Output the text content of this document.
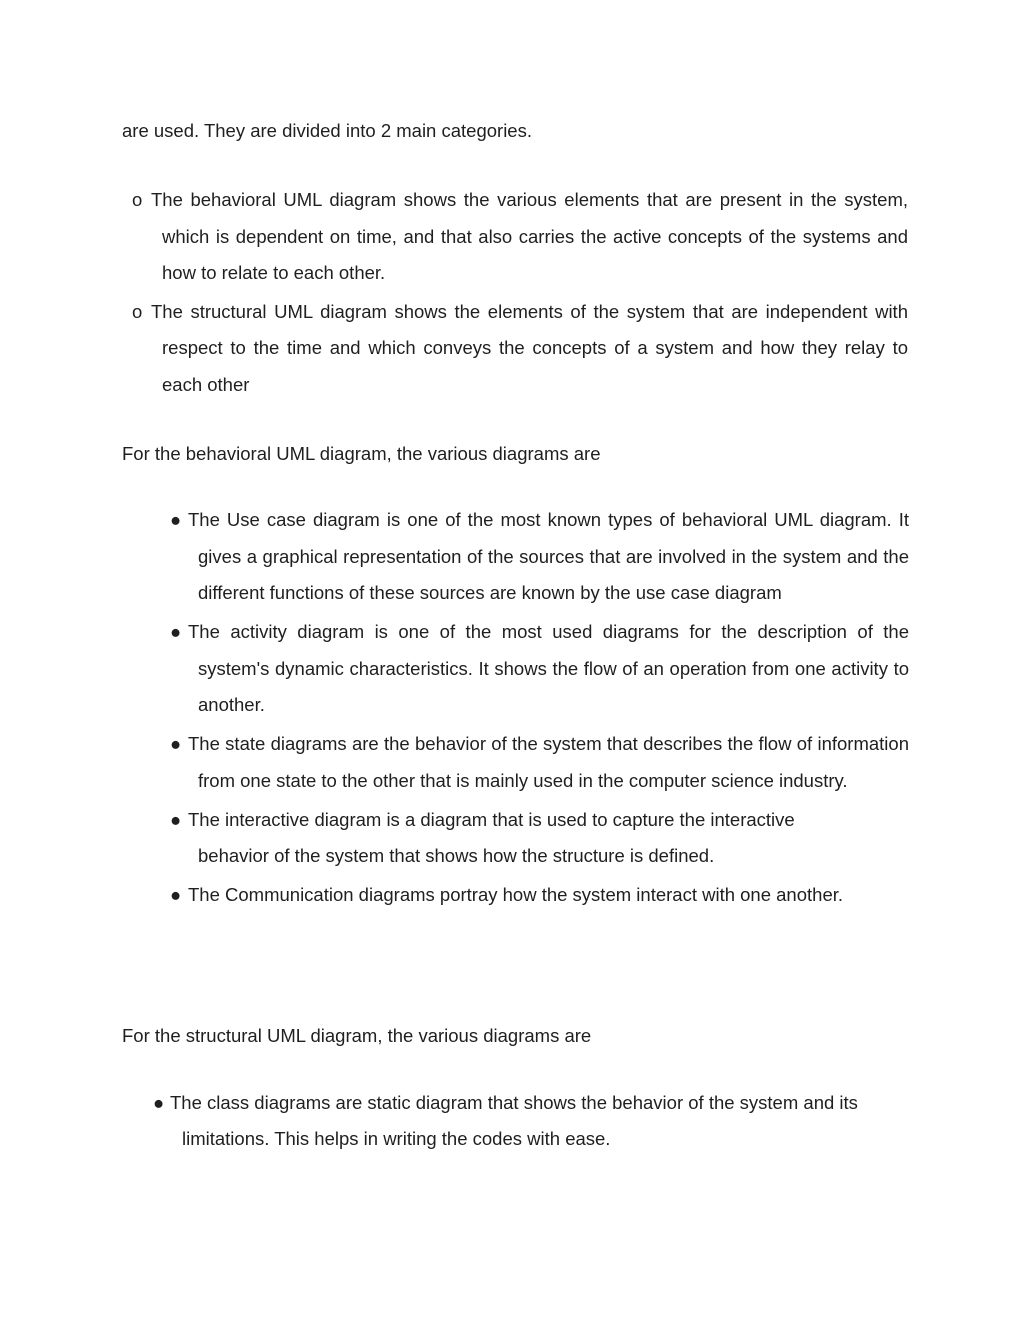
are used. They are divided into 2 main categories.
o The behavioral UML diagram shows the various elements that are present in the system, which is dependent on time, and that also carries the active concepts of the systems and how to relate to each other.
o The structural UML diagram shows the elements of the system that are independent with respect to the time and which conveys the concepts of a system and how they relay to each other
For the behavioral UML diagram, the various diagrams are
● The Use case diagram is one of the most known types of behavioral UML diagram. It gives a graphical representation of the sources that are involved in the system and the different functions of these sources are known by the use case diagram
● The activity diagram is one of the most used diagrams for the description of the system's dynamic characteristics. It shows the flow of an operation from one activity to another.
● The state diagrams are the behavior of the system that describes the flow of information from one state to the other that is mainly used in the computer science industry.
● The interactive diagram is a diagram that is used to capture the interactive behavior of the system that shows how the structure is defined.
● The Communication diagrams portray how the system interact with one another.
For the structural UML diagram, the various diagrams are
● The class diagrams are static diagram that shows the behavior of the system and its limitations. This helps in writing the codes with ease.
